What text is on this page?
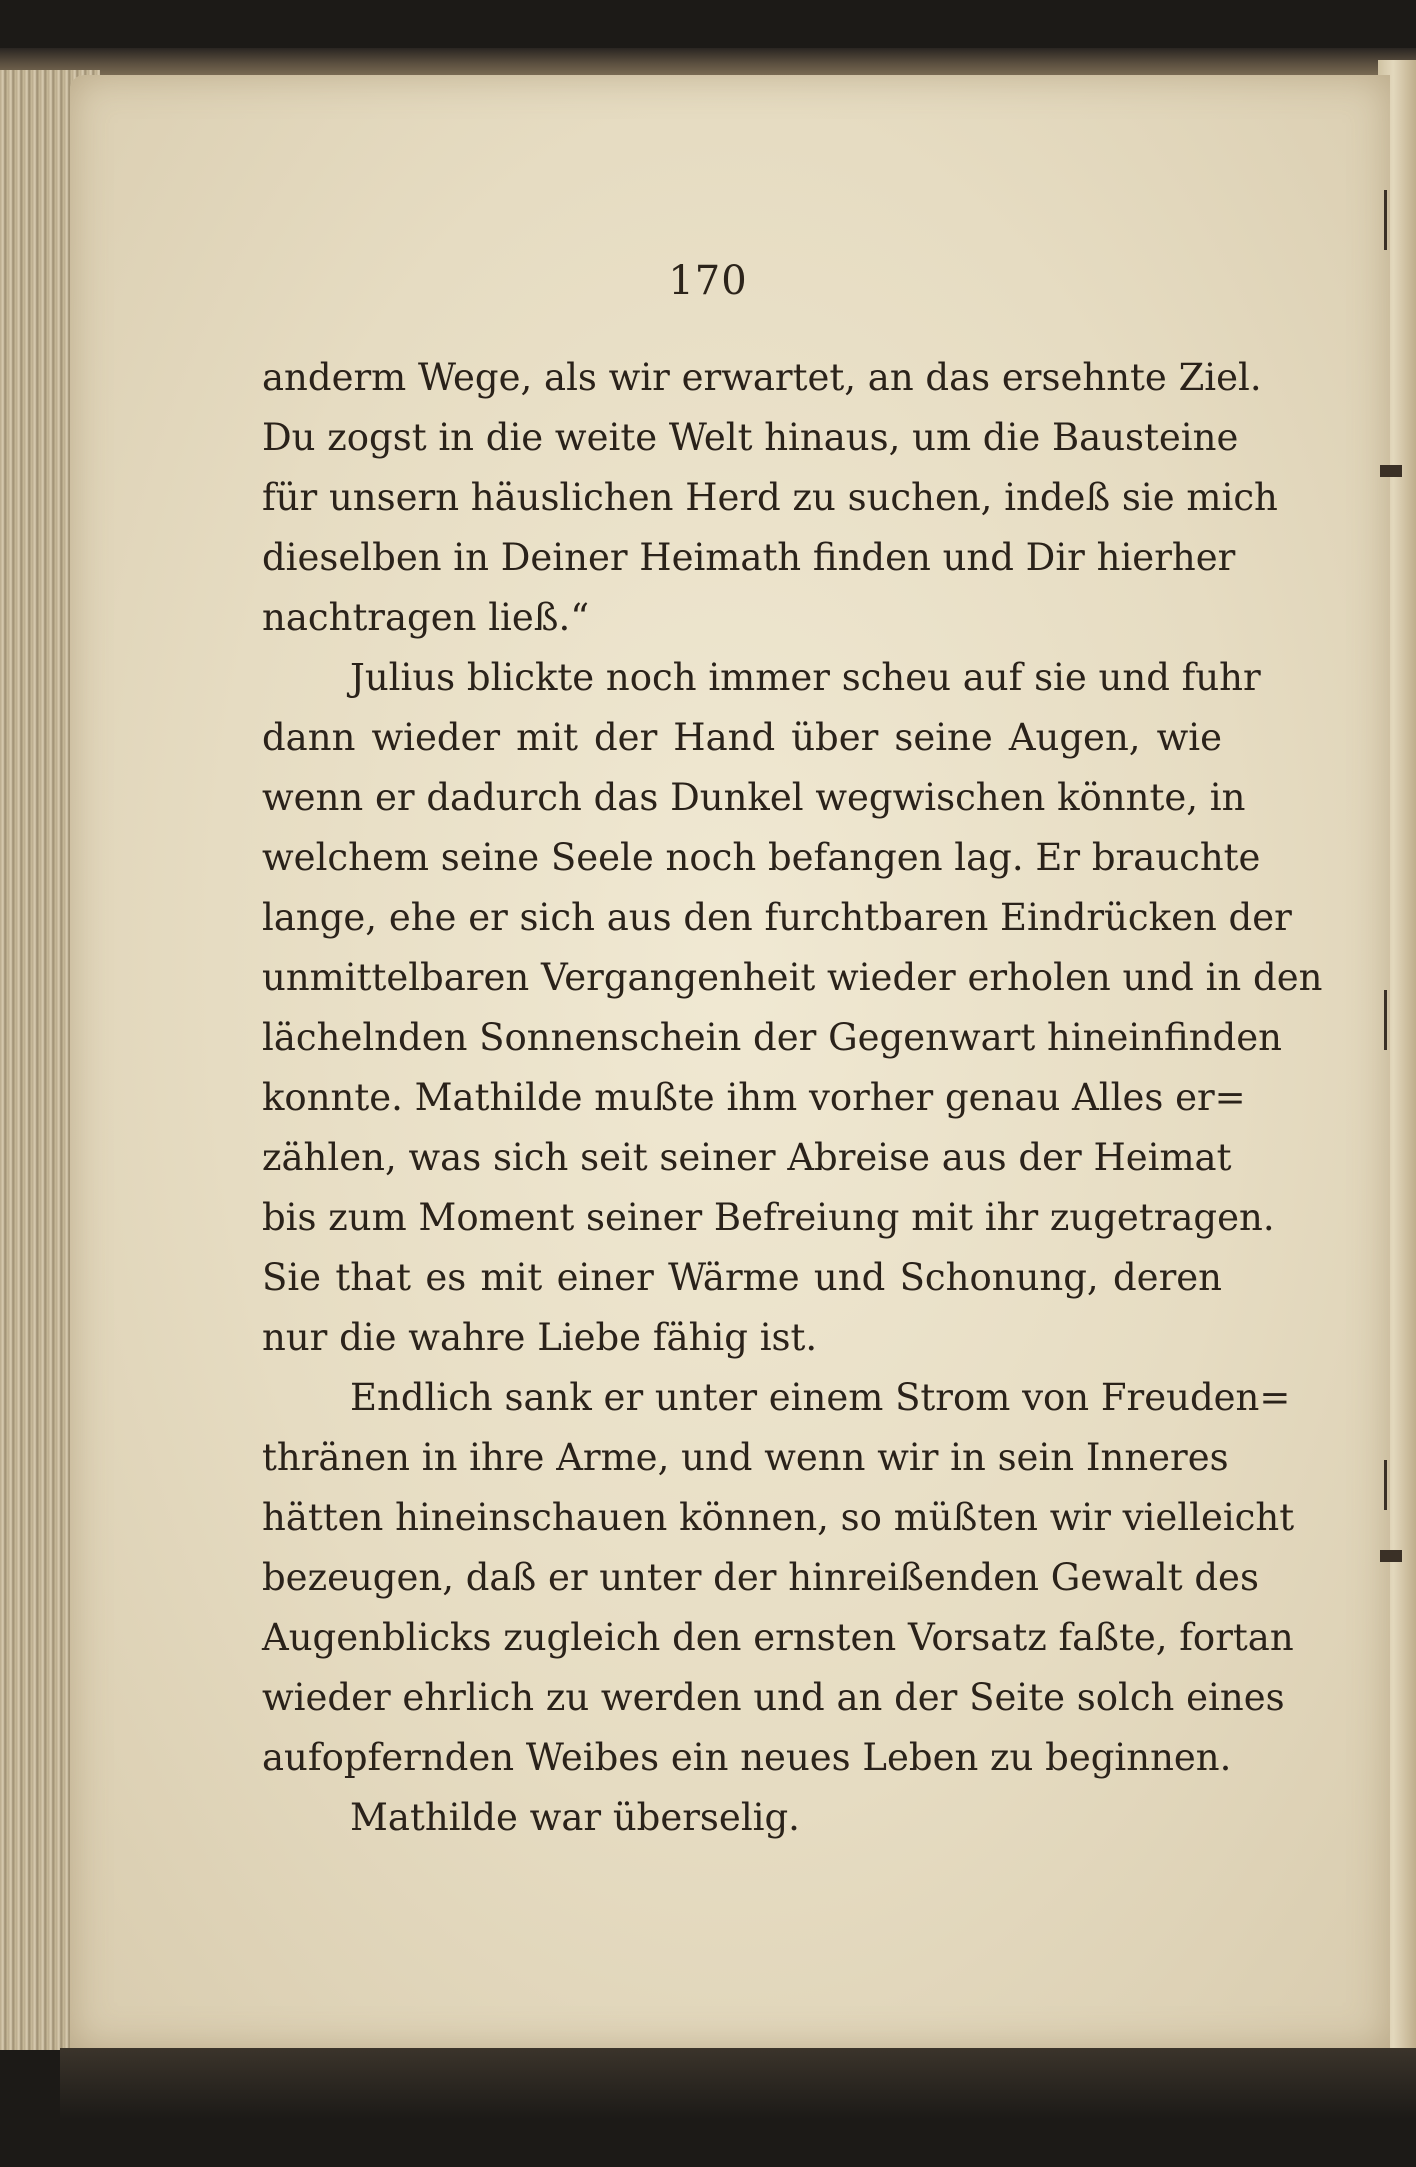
170
anderm Wege, als wir erwartet, an das ersehnte Ziel.
Du zogst in die weite Welt hinaus, um die Bausteine
für unsern häuslichen Herd zu suchen, indeß sie mich
dieselben in Deiner Heimath finden und Dir hierher
nachtragen ließ.“
Julius blickte noch immer scheu auf sie und fuhr
dann wieder mit der Hand über seine Augen, wie
wenn er dadurch das Dunkel wegwischen könnte, in
welchem seine Seele noch befangen lag. Er brauchte
lange, ehe er sich aus den furchtbaren Eindrücken der
unmittelbaren Vergangenheit wieder erholen und in den
lächelnden Sonnenschein der Gegenwart hineinfinden
konnte. Mathilde mußte ihm vorher genau Alles er=
zählen, was sich seit seiner Abreise aus der Heimat
bis zum Moment seiner Befreiung mit ihr zugetragen.
Sie that es mit einer Wärme und Schonung, deren
nur die wahre Liebe fähig ist.
Endlich sank er unter einem Strom von Freuden=
thränen in ihre Arme, und wenn wir in sein Inneres
hätten hineinschauen können, so müßten wir vielleicht
bezeugen, daß er unter der hinreißenden Gewalt des
Augenblicks zugleich den ernsten Vorsatz faßte, fortan
wieder ehrlich zu werden und an der Seite solch eines
aufopfernden Weibes ein neues Leben zu beginnen.
Mathilde war überselig.
